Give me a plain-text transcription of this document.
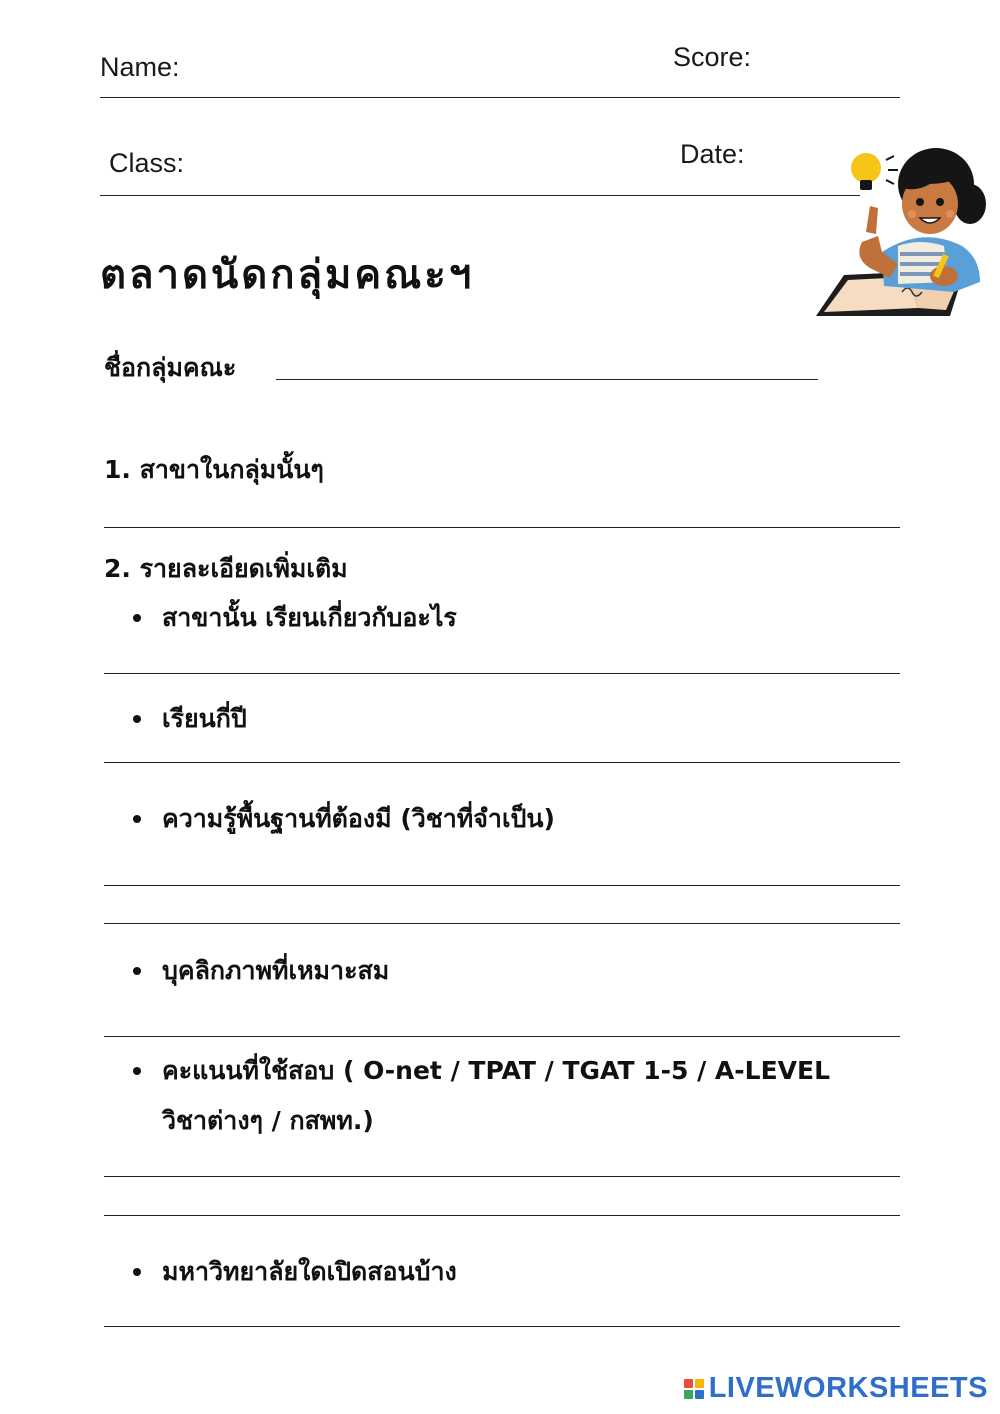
Name:	Score:
Class:	Date:
ตลาดนัดกลุ่มคณะฯ
ชื่อกลุ่มคณะ
1. สาขาในกลุ่มนั้นๆ
2. รายละเอียดเพิ่มเติม
สาขานั้น เรียนเกี่ยวกับอะไร
เรียนกี่ปี
ความรู้พื้นฐานที่ต้องมี (วิชาที่จำเป็น)
บุคลิกภาพที่เหมาะสม
คะแนนที่ใช้สอบ ( O-net / TPAT / TGAT 1-5 / A-LEVEL วิชาต่างๆ / กสพท.)
มหาวิทยาลัยใดเปิดสอนบ้าง
LIVEWORKSHEETS
